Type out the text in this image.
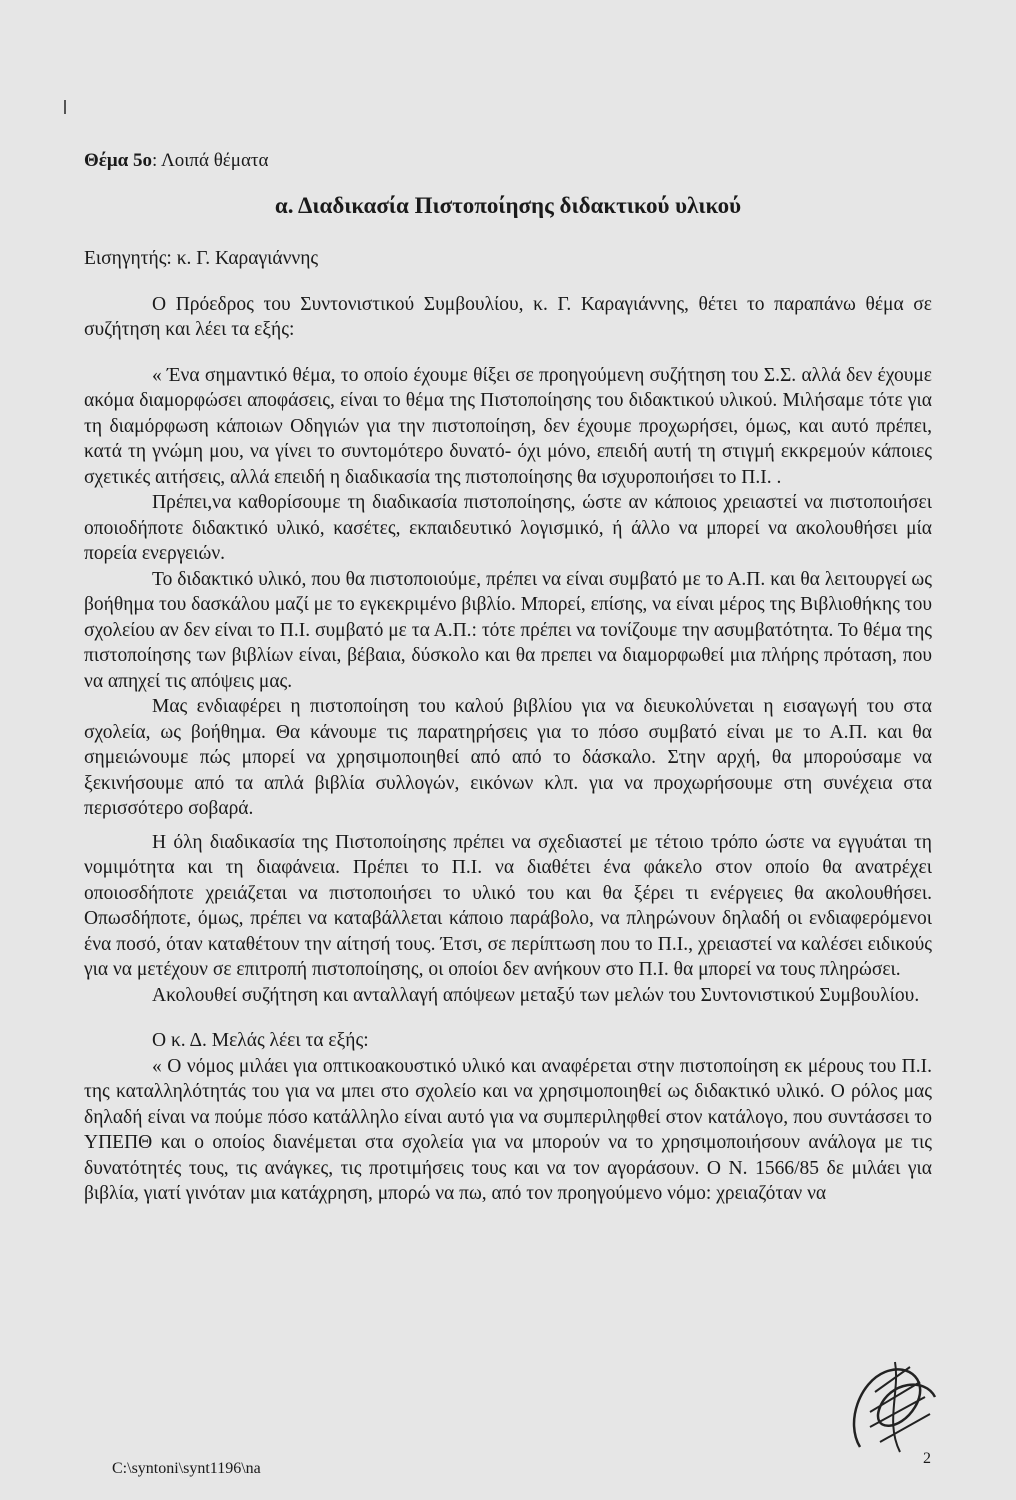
Θέμα 5ο: Λοιπά θέματα
α. Διαδικασία Πιστοποίησης διδακτικού υλικού

Εισηγητής: κ. Γ. Καραγιάννης

Ο Πρόεδρος του Συντονιστικού Συμβουλίου, κ. Γ. Καραγιάννης, θέτει το παραπάνω θέμα σε συζήτηση και λέει τα εξής:

« Ένα σημαντικό θέμα, το οποίο έχουμε θίξει σε προηγούμενη συζήτηση του Σ.Σ. αλλά δεν έχουμε ακόμα διαμορφώσει αποφάσεις, είναι το θέμα της Πιστοποίησης του διδακτικού υλικού. Μιλήσαμε τότε για τη διαμόρφωση κάποιων Οδηγιών για την πιστοποίηση, δεν έχουμε προχωρήσει, όμως, και αυτό πρέπει, κατά τη γνώμη μου, να γίνει το συντομότερο δυνατό- όχι μόνο, επειδή αυτή τη στιγμή εκκρεμούν κάποιες σχετικές αιτήσεις, αλλά επειδή η διαδικασία της πιστοποίησης θα ισχυροποιήσει το Π.Ι. .

Πρέπει,να καθορίσουμε τη διαδικασία πιστοποίησης, ώστε αν κάποιος χρειαστεί να πιστοποιήσει οποιοδήποτε διδακτικό υλικό, κασέτες, εκπαιδευτικό λογισμικό, ή άλλο να μπορεί να ακολουθήσει μία πορεία ενεργειών.

Το διδακτικό υλικό, που θα πιστοποιούμε, πρέπει να είναι συμβατό με το Α.Π. και θα λειτουργεί ως βοήθημα του δασκάλου μαζί με το εγκεκριμένο βιβλίο. Μπορεί, επίσης, να είναι μέρος της Βιβλιοθήκης του σχολείου αν δεν είναι το Π.Ι. συμβατό με τα Α.Π.: τότε πρέπει να τονίζουμε την ασυμβατότητα. Το θέμα της πιστοποίησης των βιβλίων είναι, βέβαια, δύσκολο και θα πρεπει να διαμορφωθεί μια πλήρης πρόταση, που να απηχεί τις απόψεις μας.

Μας ενδιαφέρει η πιστοποίηση του καλού βιβλίου για να διευκολύνεται η εισαγωγή του στα σχολεία, ως βοήθημα. Θα κάνουμε τις παρατηρήσεις για το πόσο συμβατό είναι με το Α.Π. και θα σημειώνουμε πώς μπορεί να χρησιμοποιηθεί από από το δάσκαλο. Στην αρχή, θα μπορούσαμε να ξεκινήσουμε από τα απλά βιβλία συλλογών, εικόνων κλπ. για να προχωρήσουμε στη συνέχεια στα περισσότερο σοβαρά.

Η όλη διαδικασία της Πιστοποίησης πρέπει να σχεδιαστεί με τέτοιο τρόπο ώστε να εγγυάται τη νομιμότητα και τη διαφάνεια. Πρέπει το Π.Ι. να διαθέτει ένα φάκελο στον οποίο θα ανατρέχει οποιοσδήποτε χρειάζεται να πιστοποιήσει το υλικό του και θα ξέρει τι ενέργειες θα ακολουθήσει. Οπωσδήποτε, όμως, πρέπει να καταβάλλεται κάποιο παράβολο, να πληρώνουν δηλαδή οι ενδιαφερόμενοι ένα ποσό, όταν καταθέτουν την αίτησή τους. Έτσι, σε περίπτωση που το Π.Ι., χρειαστεί να καλέσει ειδικούς για να μετέχουν σε επιτροπή πιστοποίησης, οι οποίοι δεν ανήκουν στο Π.Ι. θα μπορεί να τους πληρώσει.

Ακολουθεί συζήτηση και ανταλλαγή απόψεων μεταξύ των μελών του Συντονιστικού Συμβουλίου.

Ο κ. Δ. Μελάς λέει τα εξής:

« Ο νόμος μιλάει για οπτικοακουστικό υλικό και αναφέρεται στην πιστοποίηση εκ μέρους του Π.Ι. της καταλληλότητάς του για να μπει στο σχολείο και να χρησιμοποιηθεί ως διδακτικό υλικό. Ο ρόλος μας δηλαδή είναι να πούμε πόσο κατάλληλο είναι αυτό για να συμπεριληφθεί στον κατάλογο, που συντάσσει το ΥΠΕΠΘ και ο οποίος διανέμεται στα σχολεία για να μπορούν να το χρησιμοποιήσουν ανάλογα με τις δυνατότητές τους, τις ανάγκες, τις προτιμήσεις τους και να τον αγοράσουν. Ο Ν. 1566/85 δε μιλάει για βιβλία, γιατί γινόταν μια κατάχρηση, μπορώ να πω, από τον προηγούμενο νόμο: χρειαζόταν να

C:\syntoni\synt1196\na
2
